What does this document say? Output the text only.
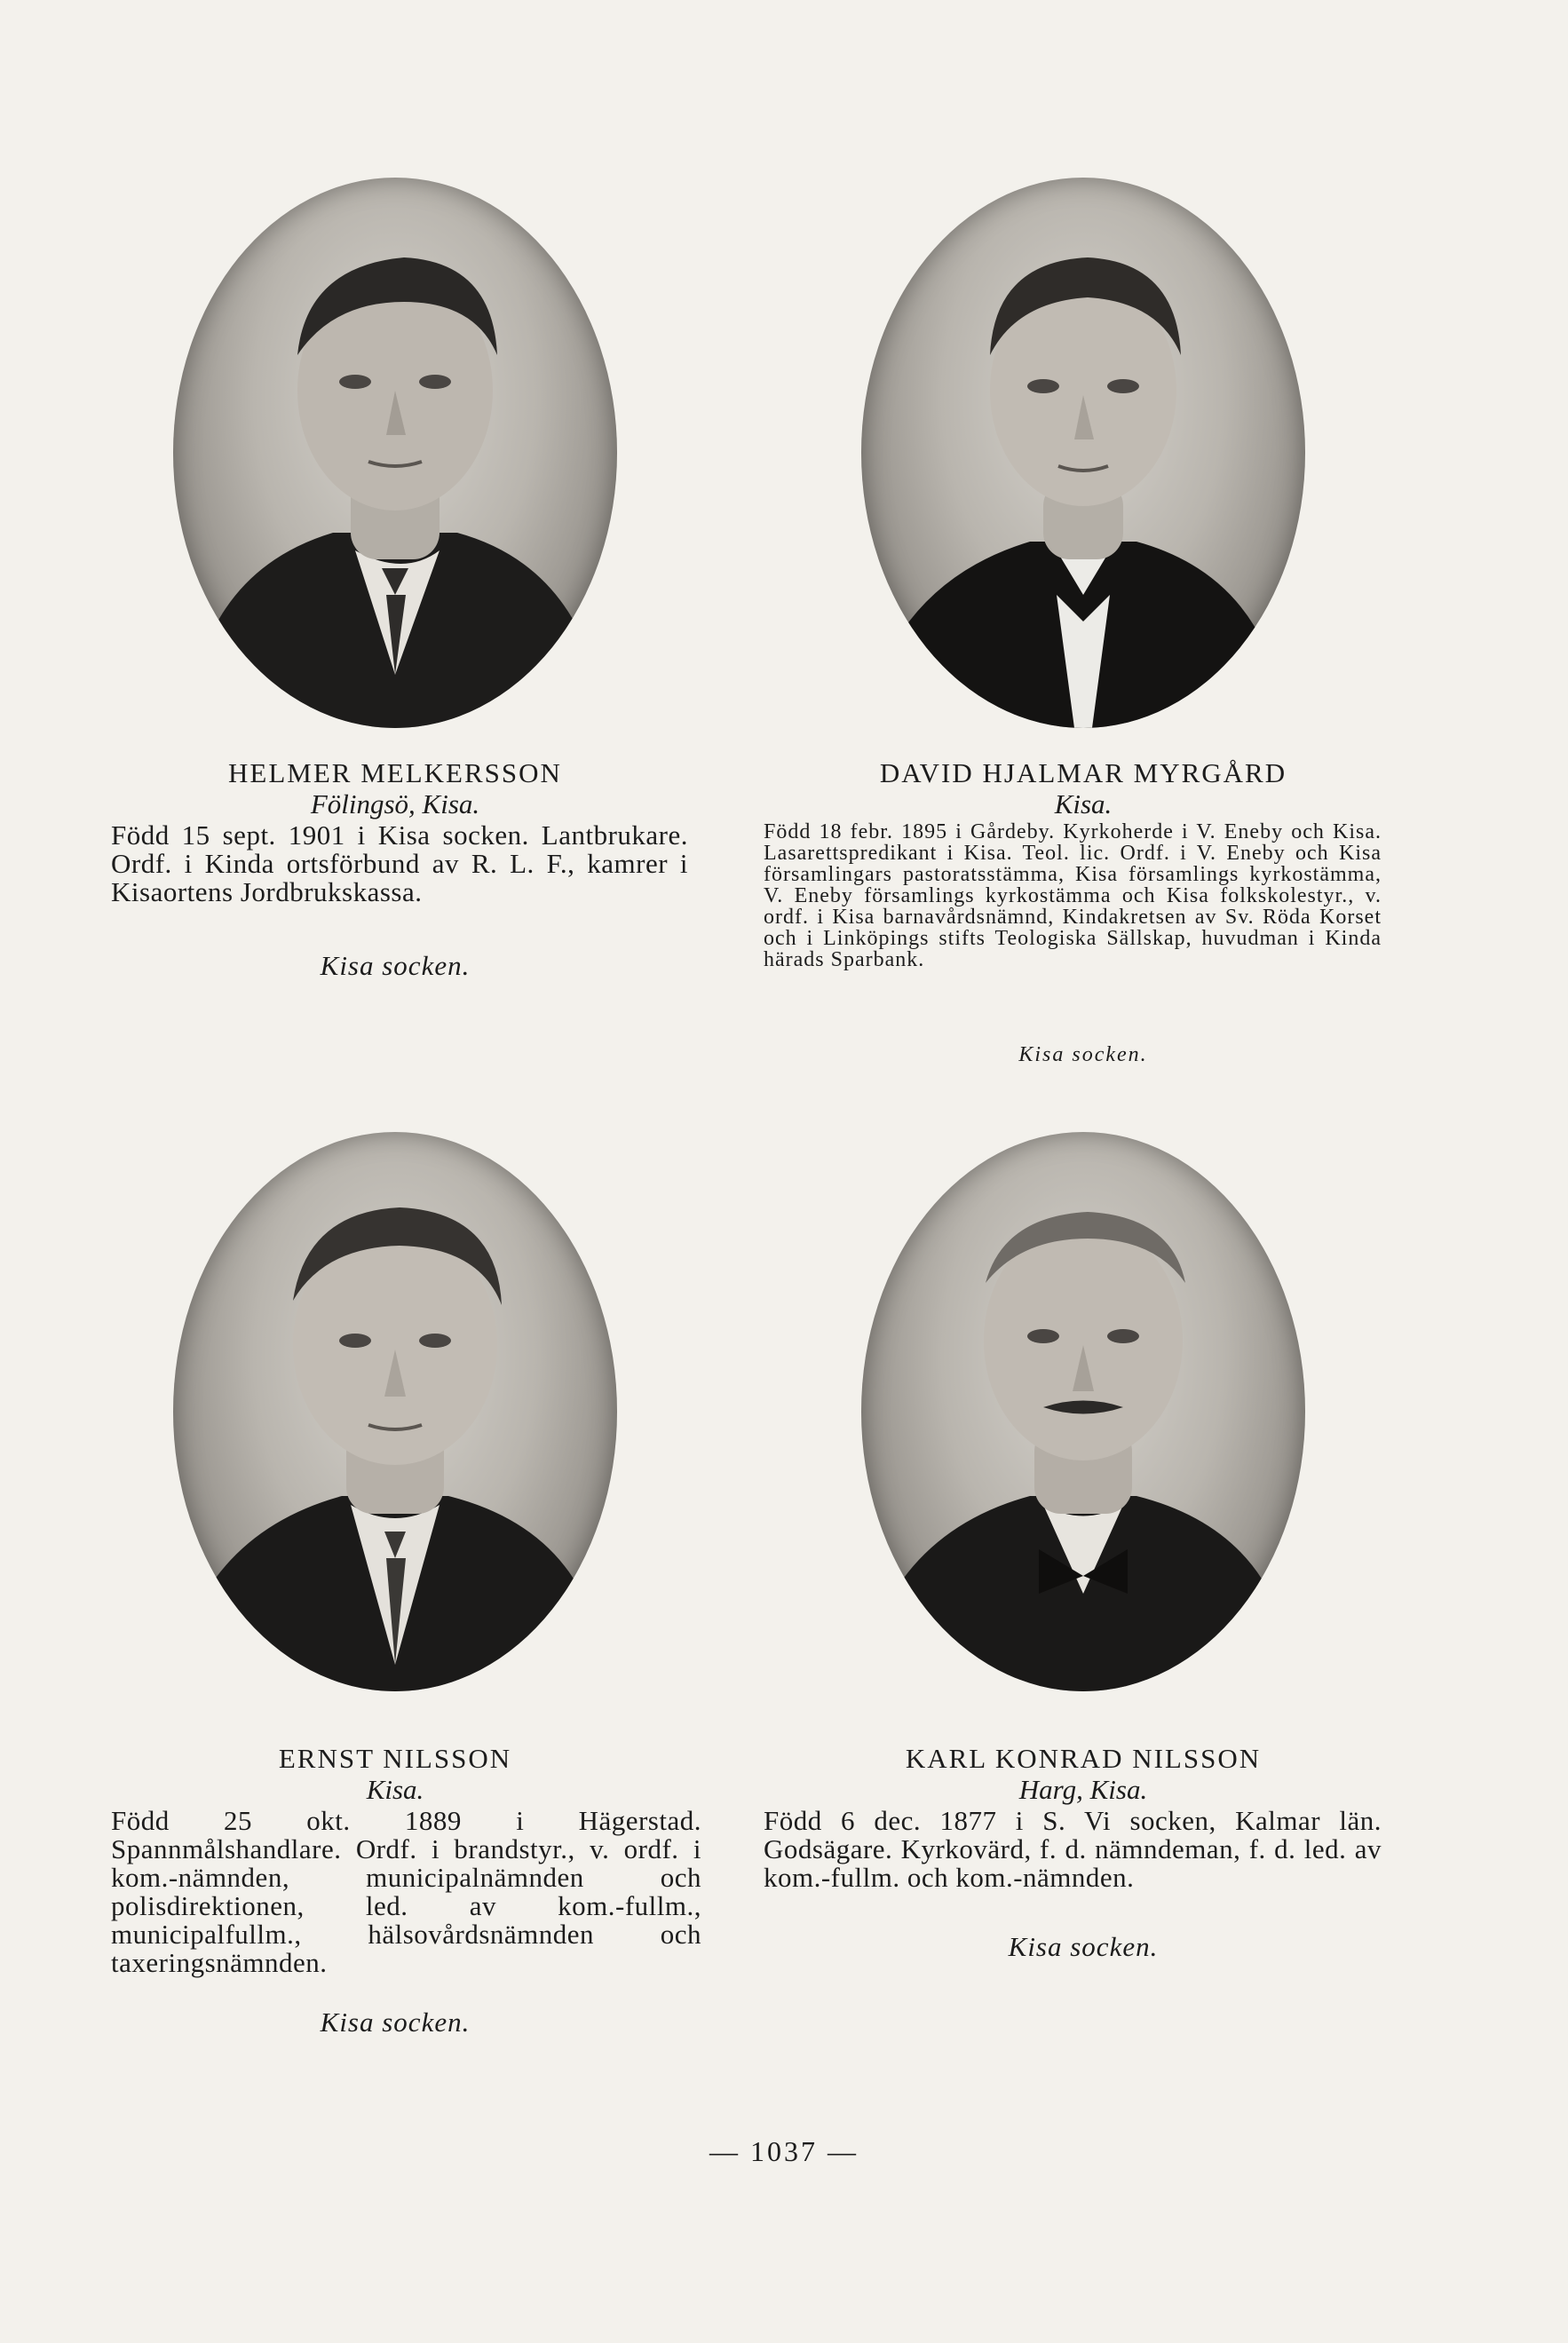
HELMER MELKERSSON
Fölingsö, Kisa.
Född 15 sept. 1901 i Kisa socken. Lantbrukare. Ordf. i Kinda ortsförbund av R. L. F., kamrer i Kisaortens Jordbrukskassa.
Kisa socken.
DAVID HJALMAR MYRGÅRD
Kisa.
Född 18 febr. 1895 i Gårdeby. Kyrkoherde i V. Eneby och Kisa. Lasarettspredikant i Kisa. Teol. lic. Ordf. i V. Eneby och Kisa församlingars pastoratsstämma, Kisa församlings kyrkostämma, V. Eneby församlings kyrkostämma och Kisa folkskolestyr., v. ordf. i Kisa barnavårdsnämnd, Kindakretsen av Sv. Röda Korset och i Linköpings stifts Teologiska Sällskap, huvudman i Kinda härads Sparbank.
Kisa socken.
ERNST NILSSON
Kisa.
Född 25 okt. 1889 i Hägerstad. Spannmålshandlare. Ordf. i brandstyr., v. ordf. i kom.-nämnden, municipalnämnden och polisdirektionen, led. av kom.-fullm., municipalfullm., hälsovårdsnämnden och taxeringsnämnden.
Kisa socken.
KARL KONRAD NILSSON
Harg, Kisa.
Född 6 dec. 1877 i S. Vi socken, Kalmar län. Godsägare. Kyrkovärd, f. d. nämndeman, f. d. led. av kom.-fullm. och kom.-nämnden.
Kisa socken.
— 1037 —
